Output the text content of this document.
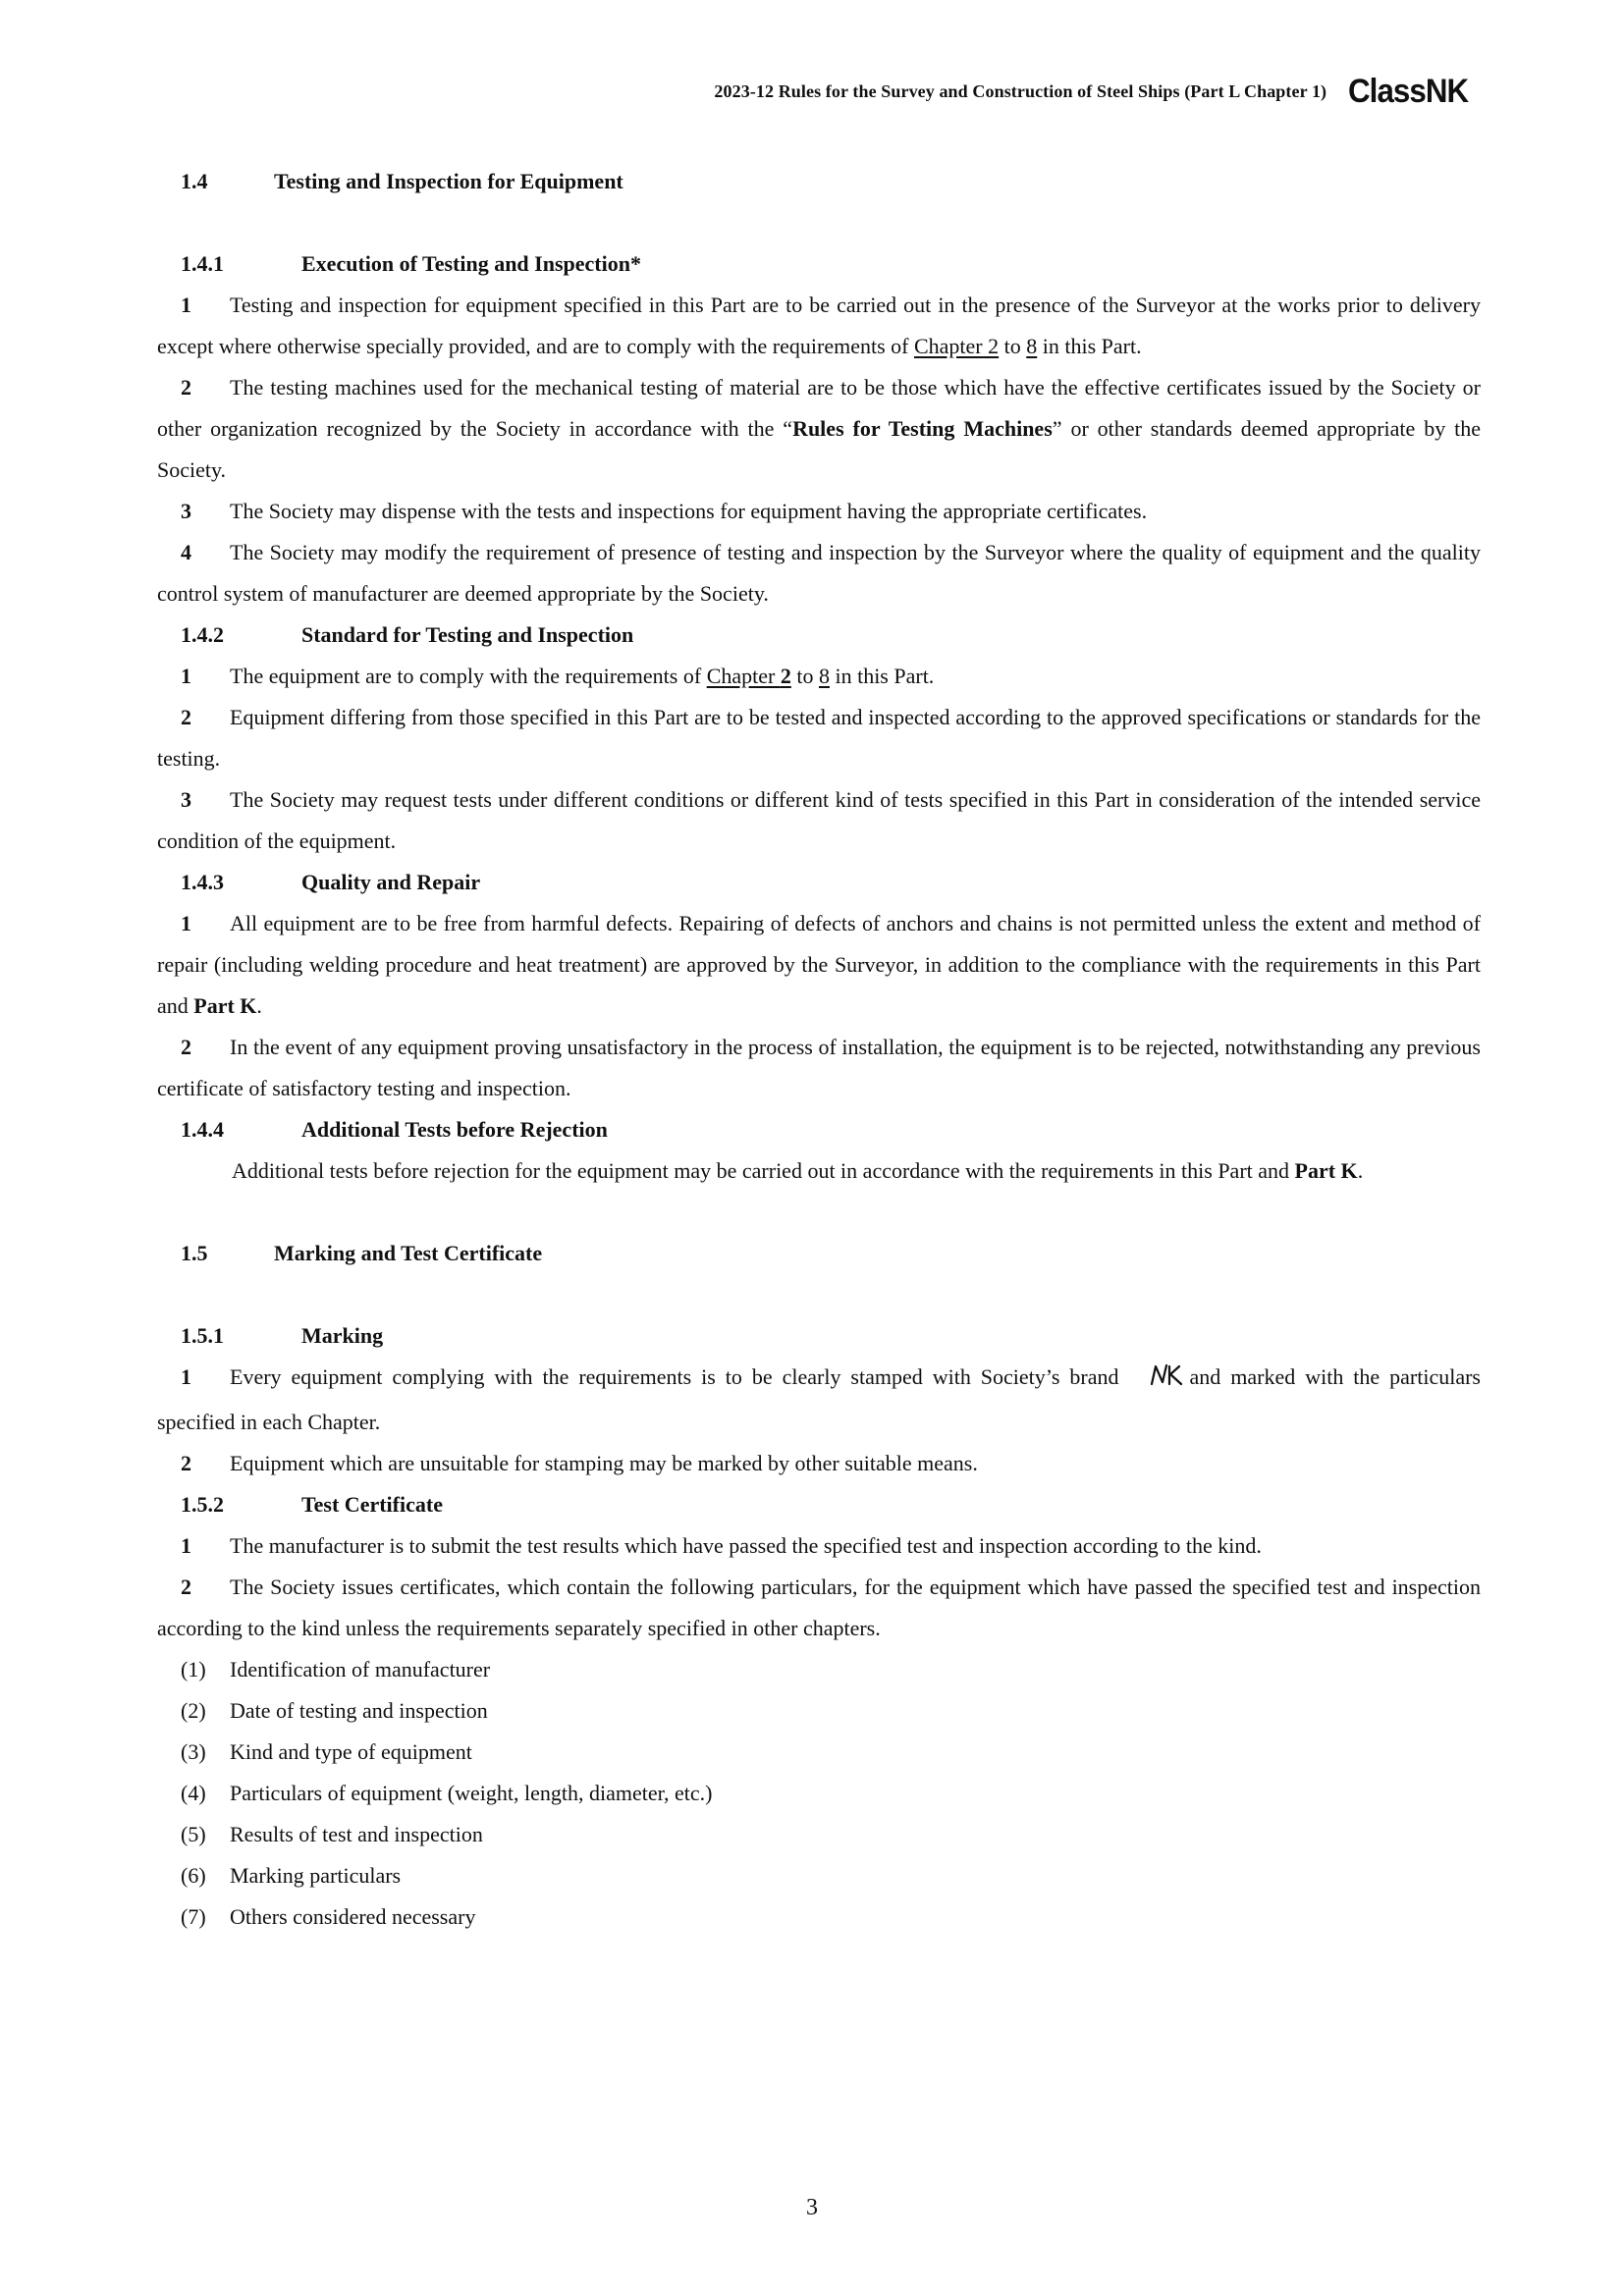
2023-12 Rules for the Survey and Construction of Steel Ships (Part L Chapter 1) ClassNK
1.4	Testing and Inspection for Equipment
1.4.1	Execution of Testing and Inspection*
1 Testing and inspection for equipment specified in this Part are to be carried out in the presence of the Surveyor at the works prior to delivery except where otherwise specially provided, and are to comply with the requirements of Chapter 2 to 8 in this Part.
2 The testing machines used for the mechanical testing of material are to be those which have the effective certificates issued by the Society or other organization recognized by the Society in accordance with the “Rules for Testing Machines” or other standards deemed appropriate by the Society.
3 The Society may dispense with the tests and inspections for equipment having the appropriate certificates.
4 The Society may modify the requirement of presence of testing and inspection by the Surveyor where the quality of equipment and the quality control system of manufacturer are deemed appropriate by the Society.
1.4.2	Standard for Testing and Inspection
1 The equipment are to comply with the requirements of Chapter 2 to 8 in this Part.
2 Equipment differing from those specified in this Part are to be tested and inspected according to the approved specifications or standards for the testing.
3 The Society may request tests under different conditions or different kind of tests specified in this Part in consideration of the intended service condition of the equipment.
1.4.3	Quality and Repair
1 All equipment are to be free from harmful defects. Repairing of defects of anchors and chains is not permitted unless the extent and method of repair (including welding procedure and heat treatment) are approved by the Surveyor, in addition to the compliance with the requirements in this Part and Part K.
2 In the event of any equipment proving unsatisfactory in the process of installation, the equipment is to be rejected, notwithstanding any previous certificate of satisfactory testing and inspection.
1.4.4	Additional Tests before Rejection
Additional tests before rejection for the equipment may be carried out in accordance with the requirements in this Part and Part K.
1.5	Marking and Test Certificate
1.5.1	Marking
1 Every equipment complying with the requirements is to be clearly stamped with Society’s brand	and marked with the particulars specified in each Chapter.
2 Equipment which are unsuitable for stamping may be marked by other suitable means.
1.5.2	Test Certificate
1 The manufacturer is to submit the test results which have passed the specified test and inspection according to the kind.
2 The Society issues certificates, which contain the following particulars, for the equipment which have passed the specified test and inspection according to the kind unless the requirements separately specified in other chapters.
(1)	Identification of manufacturer
(2)	Date of testing and inspection
(3)	Kind and type of equipment
(4)	Particulars of equipment (weight, length, diameter, etc.)
(5)	Results of test and inspection
(6)	Marking particulars
(7)	Others considered necessary
3
